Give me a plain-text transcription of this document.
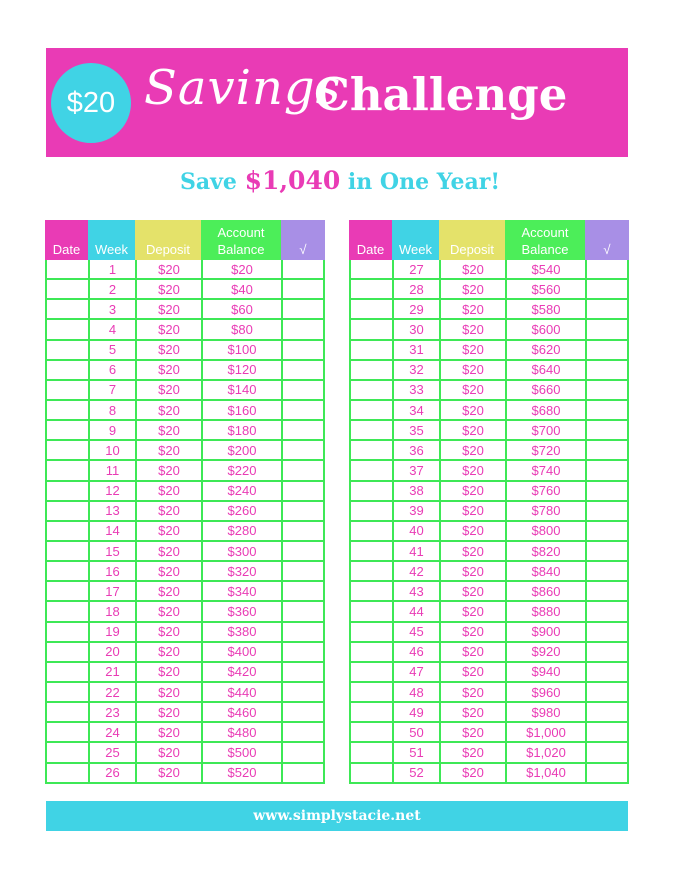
$20 Savings
Challenge
Save $1,040 in One Year!
Date Week Deposit
Account
Balance	√
1	$20	$20
2	$20	$40
3	$20	$60
4	$20	$80
5	$20	$100
6	$20	$120
7	$20	$140
8	$20	$160
9	$20	$180
10	$20	$200
11	$20	$220
12	$20	$240
13	$20	$260
14	$20	$280
15	$20	$300
16	$20	$320
17	$20	$340
18	$20	$360
19	$20	$380
20	$20	$400
21	$20	$420
22	$20	$440
23	$20	$460
24	$20	$480
25	$20	$500
26	$20	$520
Date Week Deposit
Account
Balance	√
27	$20	$540
28	$20	$560
29	$20	$580
30	$20	$600
31	$20	$620
32	$20	$640
33	$20	$660
34	$20	$680
35	$20	$700
36	$20	$720
37	$20	$740
38	$20	$760
39	$20	$780
40	$20	$800
41	$20	$820
42	$20	$840
43	$20	$860
44	$20	$880
45	$20	$900
46	$20	$920
47	$20	$940
48	$20	$960
49	$20	$980
50	$20	$1,000
51	$20	$1,020
52	$20	$1,040
www.simplystacie.net
